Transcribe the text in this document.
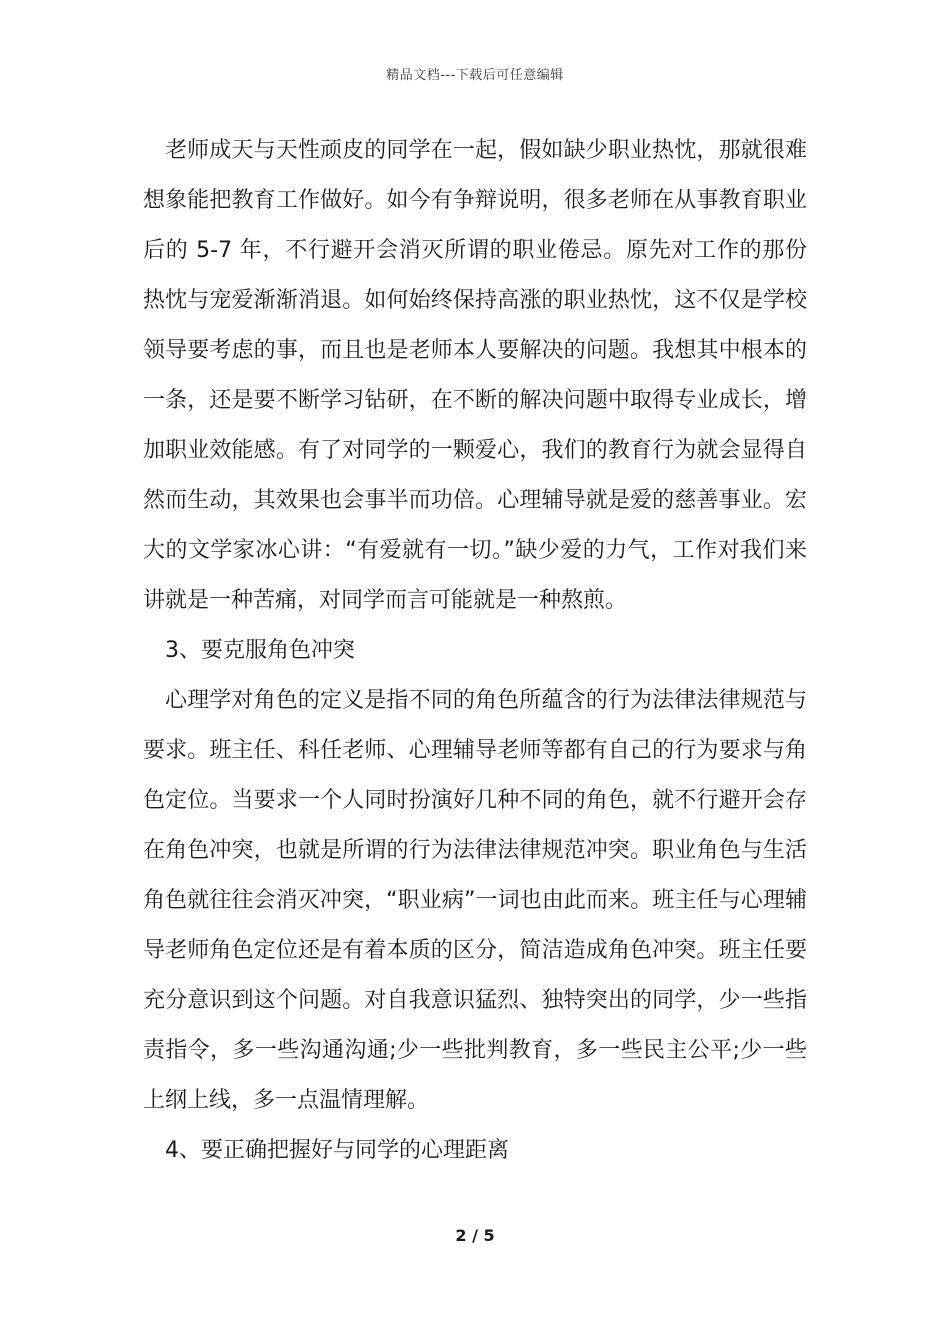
精品文档---下载后可任意编辑

老师成天与天性顽皮的同学在一起，假如缺少职业热忱，那就很难想象能把教育工作做好。如今有争辩说明，很多老师在从事教育职业后的 5-7 年，不行避开会消灭所谓的职业倦忌。原先对工作的那份热忱与宠爱渐渐消退。如何始终保持高涨的职业热忱，这不仅是学校领导要考虑的事，而且也是老师本人要解决的问题。我想其中根本的一条，还是要不断学习钻研，在不断的解决问题中取得专业成长，增加职业效能感。有了对同学的一颗爱心，我们的教育行为就会显得自然而生动，其效果也会事半而功倍。心理辅导就是爱的慈善事业。宏大的文学家冰心讲：“有爱就有一切。”缺少爱的力气，工作对我们来讲就是一种苦痛，对同学而言可能就是一种熬煎。

3、要克服角色冲突

心理学对角色的定义是指不同的角色所蕴含的行为法律法律规范与要求。班主任、科任老师、心理辅导老师等都有自己的行为要求与角色定位。当要求一个人同时扮演好几种不同的角色，就不行避开会存在角色冲突，也就是所谓的行为法律法律规范冲突。职业角色与生活角色就往往会消灭冲突，“职业病”一词也由此而来。班主任与心理辅导老师角色定位还是有着本质的区分，简洁造成角色冲突。班主任要充分意识到这个问题。对自我意识猛烈、独特突出的同学，少一些指责指令，多一些沟通沟通;少一些批判教育，多一些民主公平;少一些上纲上线，多一点温情理解。

4、要正确把握好与同学的心理距离

2 / 5
